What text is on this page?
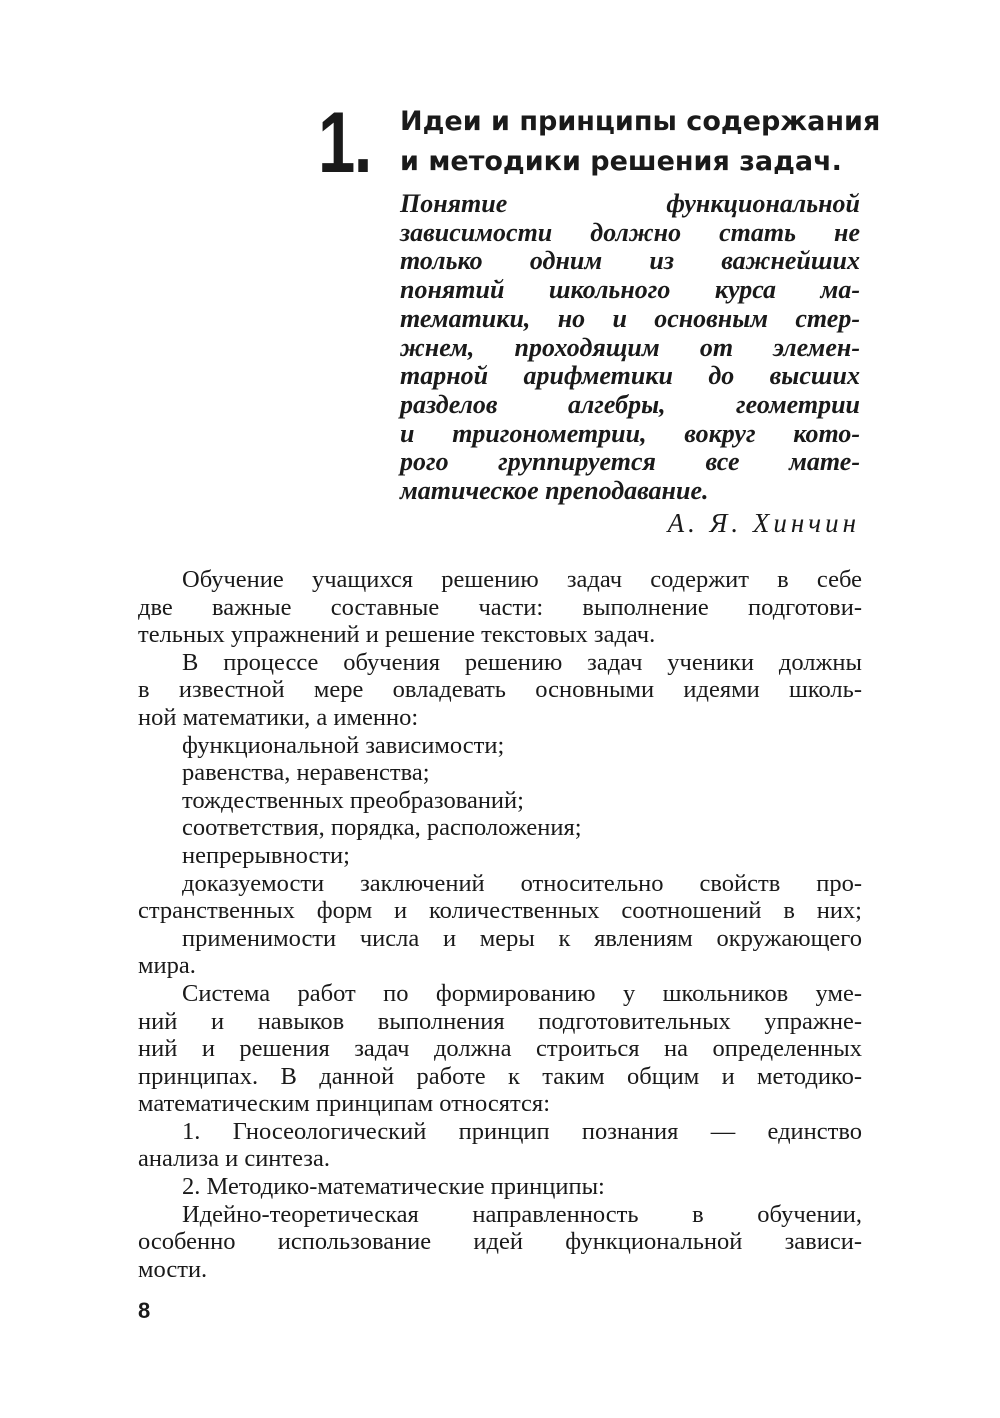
1. Идеи и принципы содержания
и методики решения задач.
Понятие функциональной
зависимости должно стать не
только одним из важнейших
понятий школьного курса ма-
тематики, но и основным стер-
жнем, проходящим от элемен-
тарной арифметики до высших
разделов алгебры, геометрии
и тригонометрии, вокруг кото-
рого группируется все мате-
матическое преподавание.
А. Я. Хинчин
Обучение учащихся решению задач содержит в себе
две важные составные части: выполнение подготови-
тельных упражнений и решение текстовых задач.
В процессе обучения решению задач ученики должны
в известной мере овладевать основными идеями школь-
ной математики, а именно:
функциональной зависимости;
равенства, неравенства;
тождественных преобразований;
соответствия, порядка, расположения;
непрерывности;
доказуемости заключений относительно свойств про-
странственных форм и количественных соотношений в них;
применимости числа и меры к явлениям окружающего
мира.
Система работ по формированию у школьников уме-
ний и навыков выполнения подготовительных упражне-
ний и решения задач должна строиться на определенных
принципах. В данной работе к таким общим и методико-
математическим принципам относятся:
1. Гносеологический принцип познания — единство
анализа и синтеза.
2. Методико-математические принципы:
Идейно-теоретическая направленность в обучении,
особенно использование идей функциональной зависи-
мости.
8
